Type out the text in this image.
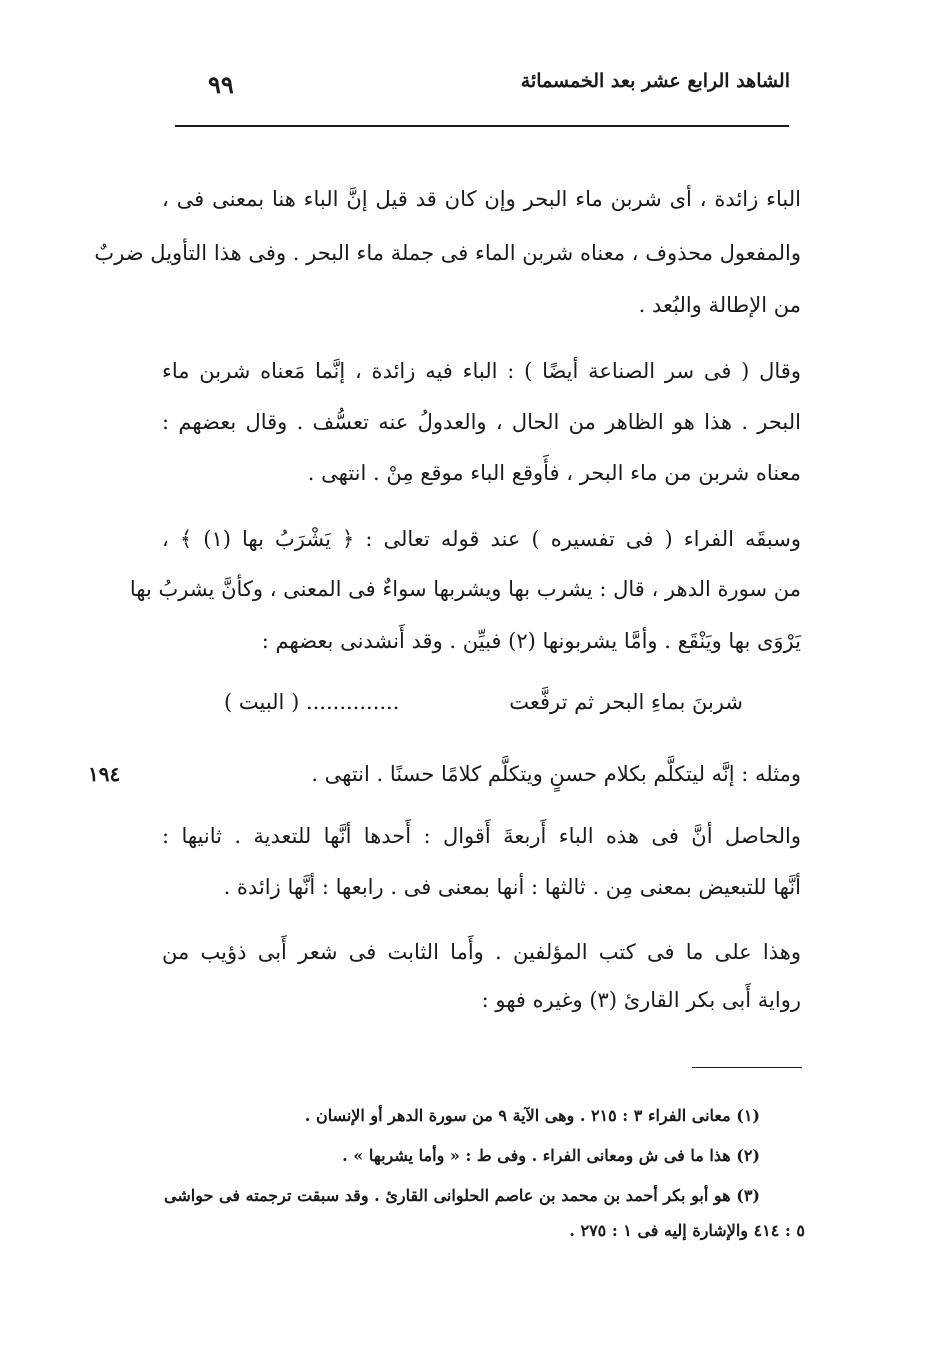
الشاهد الرابع عشر بعد الخمسمائة
٩٩
الباء زائدة ، أى شربن ماء البحر وإن كان قد قيل إنَّ الباء هنا بمعنى فى ،
والمفعول محذوف ، معناه شربن الماء فى جملة ماء البحر . وفى هذا التأويل ضربٌ
من الإطالة والبُعد .
وقال ( فى سر الصناعة أيضًا ) : الباء فيه زائدة ، إنَّما مَعناه شربن ماء
البحر . هذا هو الظاهر من الحال ، والعدولُ عنه تعسُّف . وقال بعضهم :
معناه شربن من ماء البحر ، فأَوقع الباء موقع مِنْ . انتهى .
وسبقَه الفراء ( فى تفسيره ) عند قوله تعالى : ﴿ يَشْرَبُ بها (١) ﴾ ،
من سورة الدهر ، قال : يشرب بها ويشربها سواءٌ فى المعنى ، وكأنَّ يشربُ بها
يَرْوَى بها ويَنْقَع . وأمَّا يشربونها (٢) فبيِّن . وقد أَنشدنى بعضهم :
شربنَ بماءِ البحر ثم ترفَّعت
.............. ( البيت )
ومثله : إنَّه ليتكلَّم بكلام حسنٍ ويتكلَّم كلامًا حسنًا . انتهى .
١٩٤
والحاصل أنَّ فى هذه الباء أَربعةَ أَقوال : أَحدها أنَّها للتعدية . ثانيها :
أنَّها للتبعيض بمعنى مِن . ثالثها : أنها بمعنى فى . رابعها : أنَّها زائدة .
وهذا على ما فى كتب المؤلفين . وأَما الثابت فى شعر أَبى ذؤيب من
رواية أَبى بكر القارئ (٣) وغيره فهو :
(١) معانى الفراء ٣ : ٢١٥ . وهى الآية ٩ من سورة الدهر أو الإنسان .
(٢) هذا ما فى ش ومعانى الفراء . وفى ط : « وأما يشربها » .
(٣) هو أبو بكر أحمد بن محمد بن عاصم الحلوانى القارئ . وقد سبقت ترجمته فى حواشى
٥ : ٤١٤ والإشارة إليه فى ١ : ٢٧٥ .
